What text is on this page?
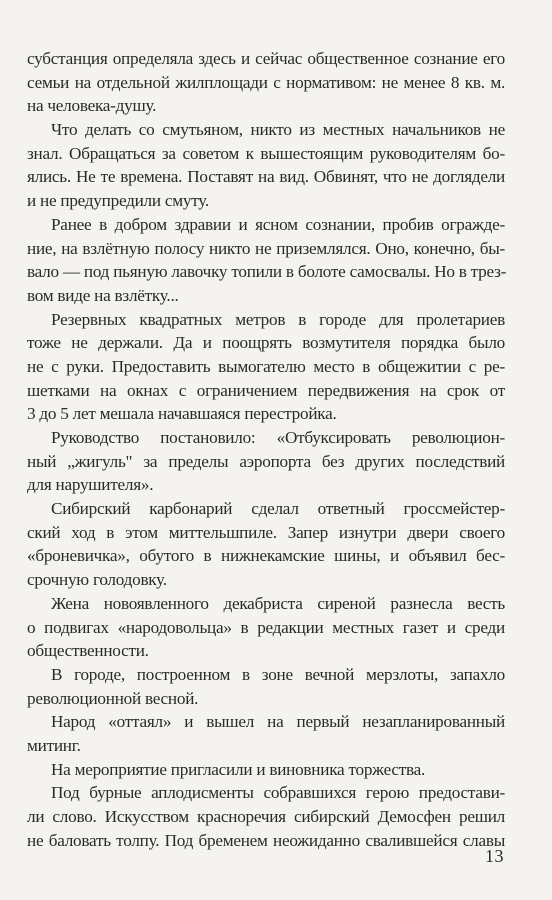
субстанция определяла здесь и сейчас общественное сознание его
семьи на отдельной жилплощади с нормативом: не менее 8 кв. м.
на человека-душу.
Что делать со смутьяном, никто из местных начальников не
знал. Обращаться за советом к вышестоящим руководителям бо-
ялись. Не те времена. Поставят на вид. Обвинят, что не доглядели
и не предупредили смуту.
Ранее в добром здравии и ясном сознании, пробив огражде-
ние, на взлётную полосу никто не приземлялся. Оно, конечно, бы-
вало — под пьяную лавочку топили в болоте самосвалы. Но в трез-
вом виде на взлётку...
Резервных квадратных метров в городе для пролетариев
тоже не держали. Да и поощрять возмутителя порядка было
не с руки. Предоставить вымогателю место в общежитии с ре-
шетками на окнах с ограничением передвижения на срок от
3 до 5 лет мешала начавшаяся перестройка.
Руководство постановило: «Отбуксировать революцион-
ный „жигуль" за пределы аэропорта без других последствий
для нарушителя».
Сибирский карбонарий сделал ответный гроссмейстер-
ский ход в этом миттельшпиле. Запер изнутри двери своего
«броневичка», обутого в нижнекамские шины, и объявил бес-
срочную голодовку.
Жена новоявленного декабриста сиреной разнесла весть
о подвигах «народовольца» в редакции местных газет и среди
общественности.
В городе, построенном в зоне вечной мерзлоты, запахло
революционной весной.
Народ «оттаял» и вышел на первый незапланированный
митинг.
На мероприятие пригласили и виновника торжества.
Под бурные аплодисменты собравшихся герою предостави-
ли слово. Искусством красноречия сибирский Демосфен решил
не баловать толпу. Под бременем неожиданно свалившейся славы
13
